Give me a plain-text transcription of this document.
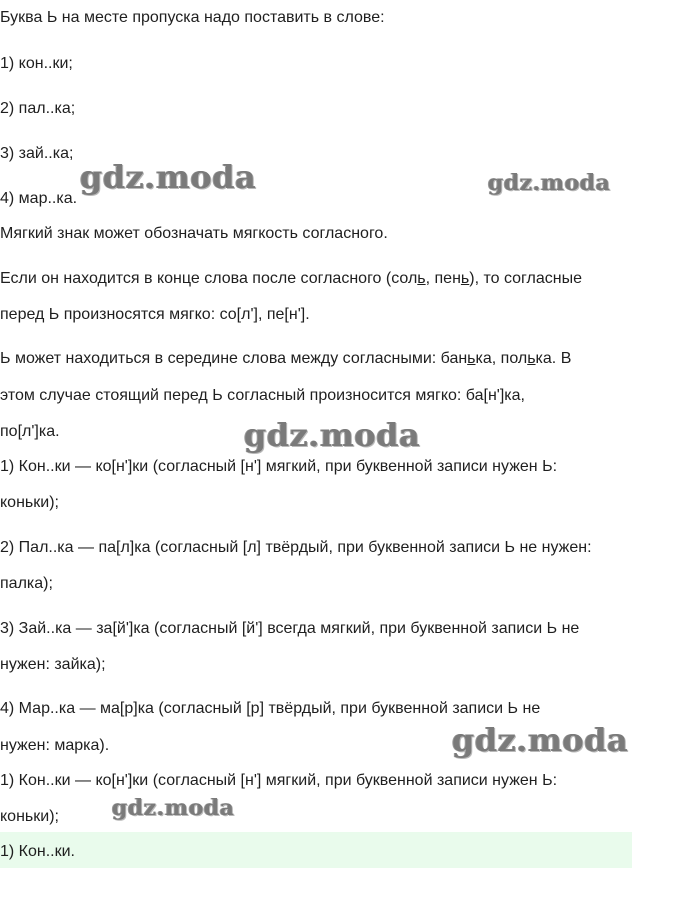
Буква Ь на месте пропуска надо поставить в слове:

1) кон..ки;

2) пал..ка;

3) зай..ка;

4) мар..ка.

Мягкий знак может обозначать мягкость согласного.

Если он находится в конце слова после согласного (соль, пень), то согласные

перед Ь произносятся мягко: со[л'], пе[н'].

Ь может находиться в середине слова между согласными: банька, полька. В

этом случае стоящий перед Ь согласный произносится мягко: ба[н']ка,

по[л']ка.

1) Кон..ки — ко[н']ки (согласный [н'] мягкий, при буквенной записи нужен Ь:

коньки);

2) Пал..ка — па[л]ка (согласный [л] твёрдый, при буквенной записи Ь не нужен:

палка);

3) Зай..ка — за[й']ка (согласный [й'] всегда мягкий, при буквенной записи Ь не

нужен: зайка);

4) Мар..ка — ма[р]ка (согласный [р] твёрдый, при буквенной записи Ь не

нужен: марка).

1) Кон..ки — ко[н']ки (согласный [н'] мягкий, при буквенной записи нужен Ь:

коньки);

1) Кон..ки.
gdz.moda	gdz.moda
gdz.moda
gdz.moda
gdz.moda
